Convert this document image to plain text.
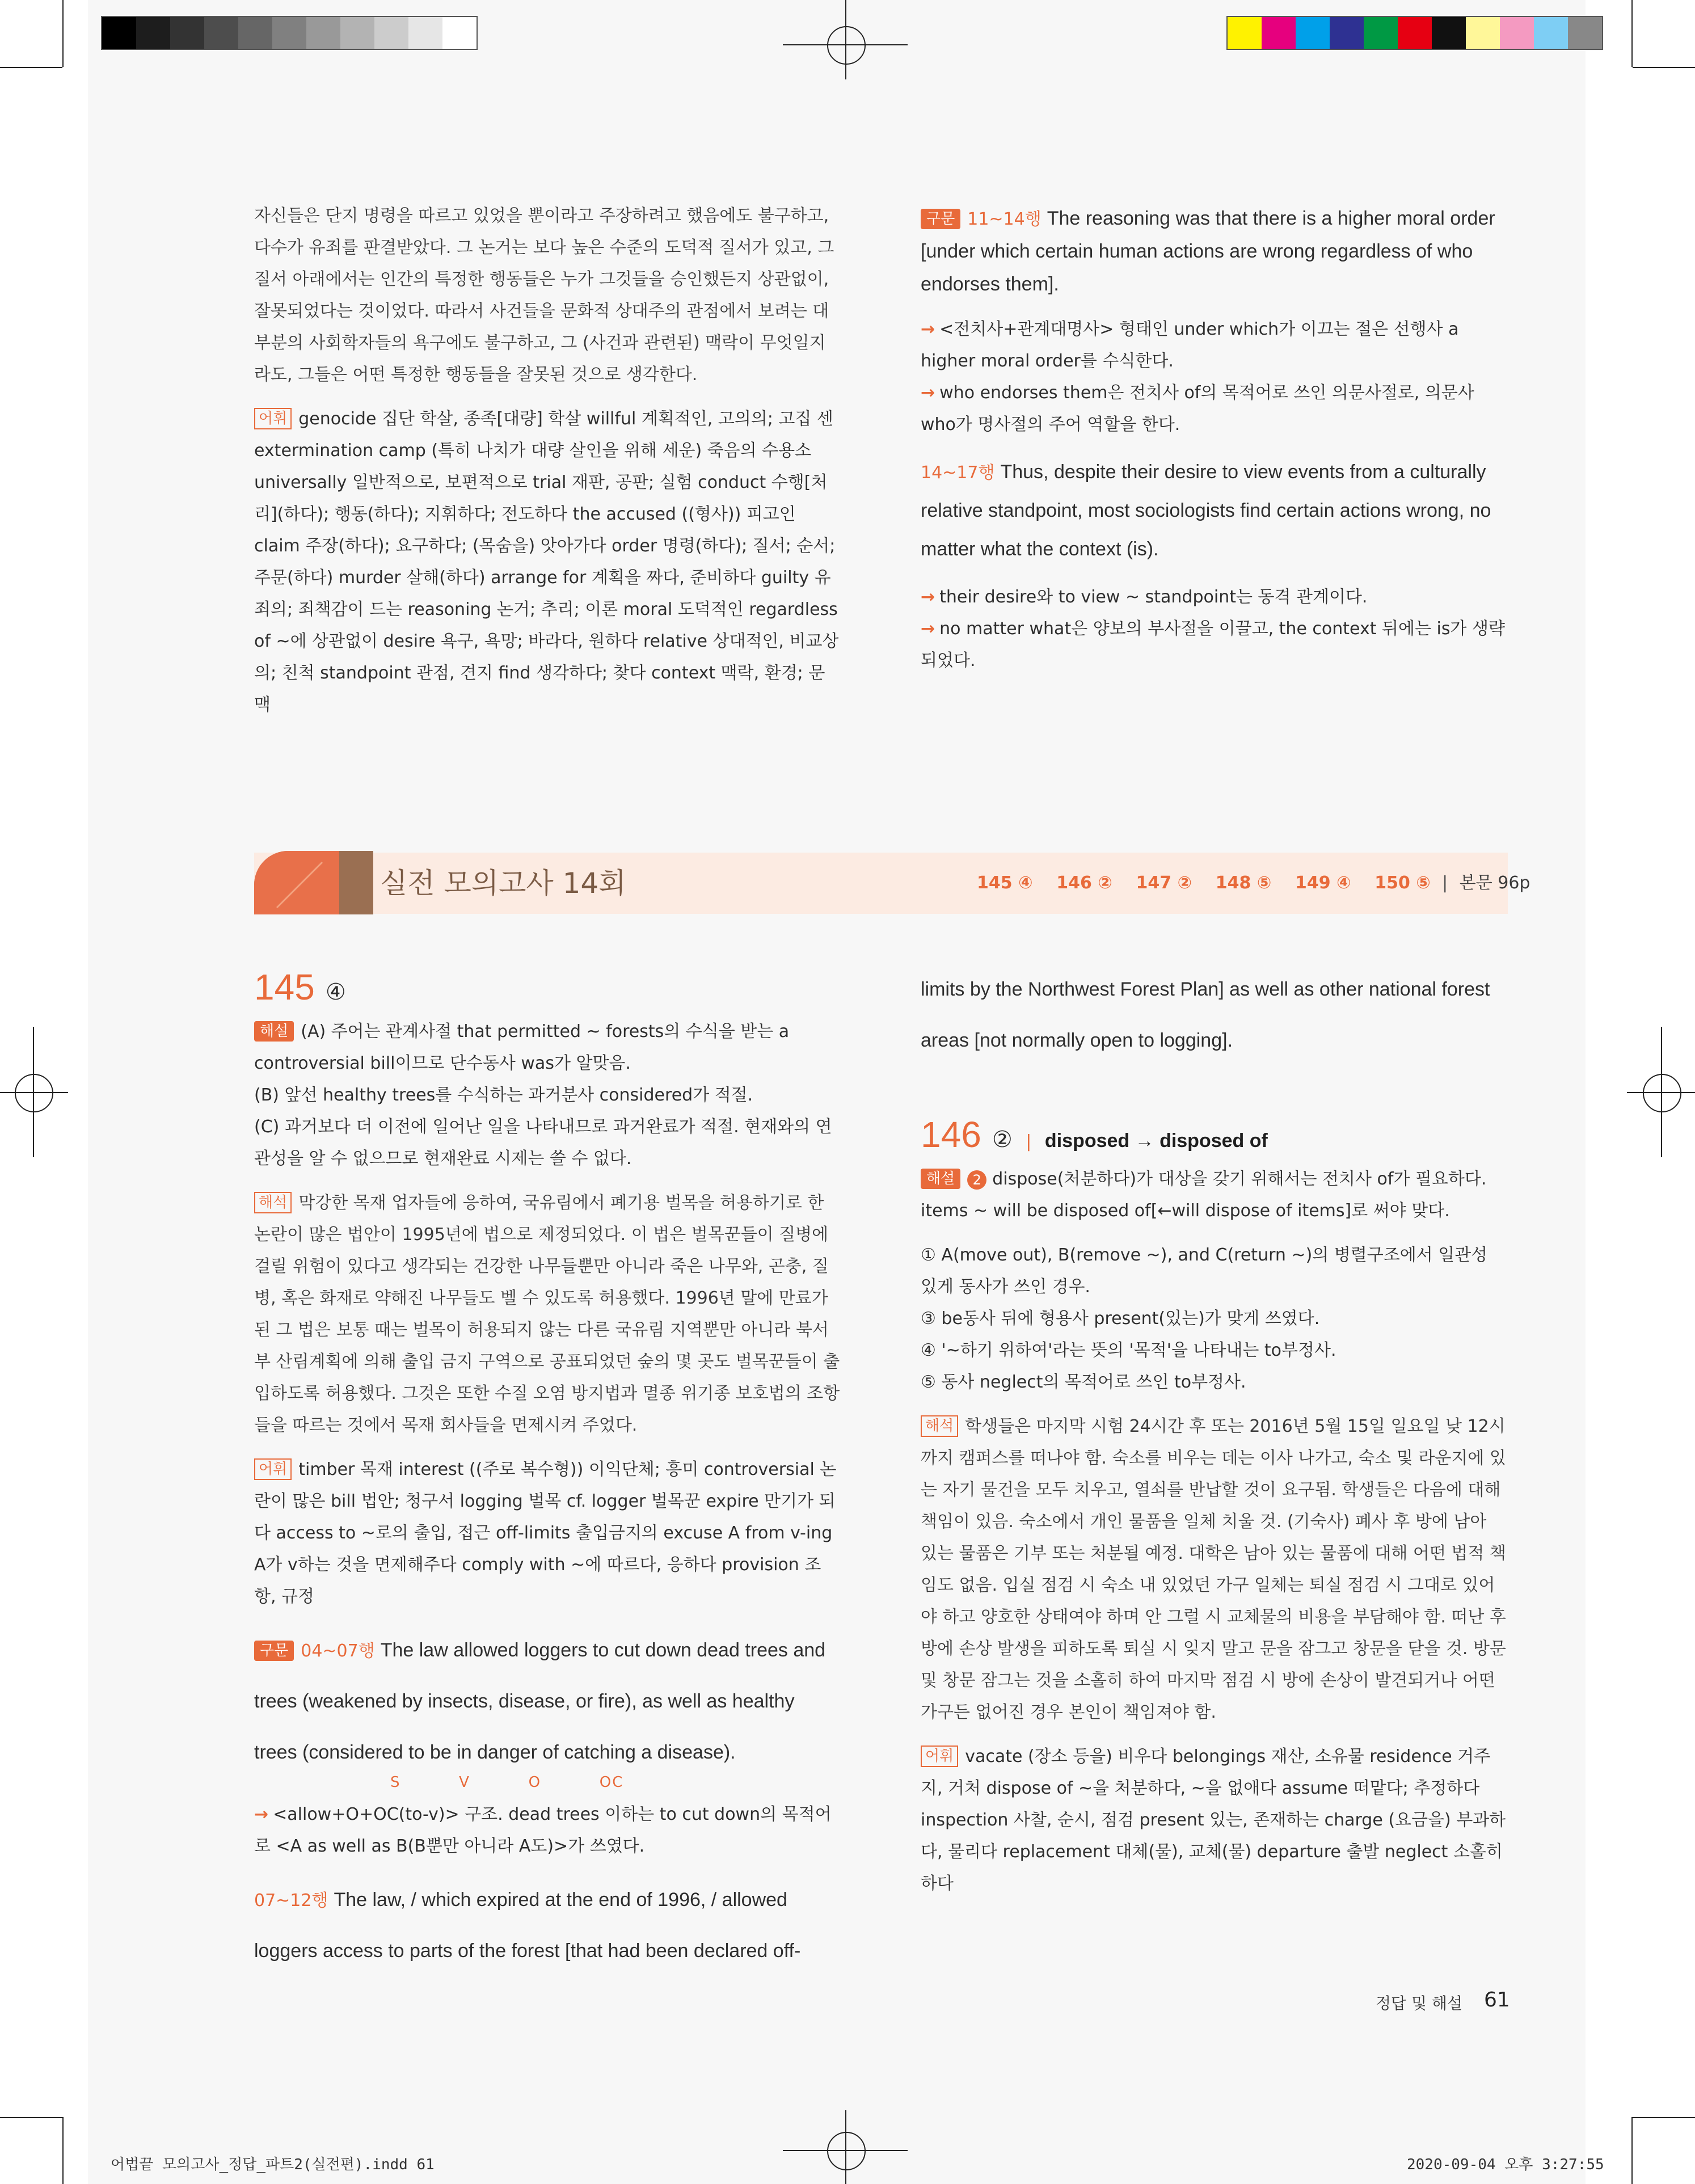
자신들은 단지 명령을 따르고 있었을 뿐이라고 주장하려고 했음에도 불구하고, 다수가 유죄를 판결받았다. 그 논거는 보다 높은 수준의 도덕적 질서가 있고, 그 질서 아래에서는 인간의 특정한 행동들은 누가 그것들을 승인했든지 상관없이, 잘못되었다는 것이었다. 따라서 사건들을 문화적 상대주의 관점에서 보려는 대부분의 사회학자들의 욕구에도 불구하고, 그 (사건과 관련된) 맥락이 무엇일지라도, 그들은 어떤 특정한 행동들을 잘못된 것으로 생각한다.

어휘 genocide 집단 학살, 종족[대량] 학살 willful 계획적인, 고의의; 고집 센 extermination camp (특히 나치가 대량 살인을 위해 세운) 죽음의 수용소 universally 일반적으로, 보편적으로 trial 재판, 공판; 실험 conduct 수행[처리](하다); 행동(하다); 지휘하다; 전도하다 the accused ((형사)) 피고인 claim 주장(하다); 요구하다; (목숨을) 앗아가다 order 명령(하다); 질서; 순서; 주문(하다) murder 살해(하다) arrange for 계획을 짜다, 준비하다 guilty 유죄의; 죄책감이 드는 reasoning 논거; 추리; 이론 moral 도덕적인 regardless of ~에 상관없이 desire 욕구, 욕망; 바라다, 원하다 relative 상대적인, 비교상의; 친척 standpoint 관점, 견지 find 생각하다; 찾다 context 맥락, 환경; 문맥

구문 11~14행 The reasoning was that there is a higher moral order [under which certain human actions are wrong regardless of who endorses them].

→ <전치사+관계대명사> 형태인 under which가 이끄는 절은 선행사 a higher moral order를 수식한다.

→ who endorses them은 전치사 of의 목적어로 쓰인 의문사절로, 의문사 who가 명사절의 주어 역할을 한다.

14~17행 Thus, despite their desire to view events from a culturally relative standpoint, most sociologists find certain actions wrong, no matter what the context (is).

→ their desire와 to view ~ standpoint는 동격 관계이다.

→ no matter what은 양보의 부사절을 이끌고, the context 뒤에는 is가 생략되었다.

실전 모의고사 14회	145 ④ 146 ② 147 ② 148 ⑤ 149 ④ 150 ⑤ | 본문 96p

145 ④

해설 (A) 주어는 관계사절 that permitted ~ forests의 수식을 받는 a controversial bill이므로 단수동사 was가 알맞음.

(B) 앞선 healthy trees를 수식하는 과거분사 considered가 적절.

(C) 과거보다 더 이전에 일어난 일을 나타내므로 과거완료가 적절. 현재와의 연관성을 알 수 없으므로 현재완료 시제는 쓸 수 없다.

해석 막강한 목재 업자들에 응하여, 국유림에서 폐기용 벌목을 허용하기로 한 논란이 많은 법안이 1995년에 법으로 제정되었다. 이 법은 벌목꾼들이 질병에 걸릴 위험이 있다고 생각되는 건강한 나무들뿐만 아니라 죽은 나무와, 곤충, 질병, 혹은 화재로 약해진 나무들도 벨 수 있도록 허용했다. 1996년 말에 만료가 된 그 법은 보통 때는 벌목이 허용되지 않는 다른 국유림 지역뿐만 아니라 북서부 산림계획에 의해 출입 금지 구역으로 공표되었던 숲의 몇 곳도 벌목꾼들이 출입하도록 허용했다. 그것은 또한 수질 오염 방지법과 멸종 위기종 보호법의 조항들을 따르는 것에서 목재 회사들을 면제시켜 주었다.

어휘 timber 목재 interest ((주로 복수형)) 이익단체; 흥미 controversial 논란이 많은 bill 법안; 청구서 logging 벌목 cf. logger 벌목꾼 expire 만기가 되다 access to ~로의 출입, 접근 off-limits 출입금지의 excuse A from v-ing A가 v하는 것을 면제해주다 comply with ~에 따르다, 응하다 provision 조항, 규정

구문 04~07행 The law allowed loggers to cut down dead trees and trees (weakened by insects, disease, or fire), as well as healthy trees (considered to be in danger of catching a disease).

S	V	O	OC

→ <allow+O+OC(to-v)> 구조. dead trees 이하는 to cut down의 목적어로 <A as well as B(B뿐만 아니라 A도)>가 쓰였다.

07~12행 The law, / which expired at the end of 1996, / allowed loggers access to parts of the forest [that had been declared off-

limits by the Northwest Forest Plan] as well as other national forest areas [not normally open to logging].

146 ② | disposed → disposed of

해설 2 dispose(처분하다)가 대상을 갖기 위해서는 전치사 of가 필요하다. items ~ will be disposed of[←will dispose of items]로 써야 맞다.

① A(move out), B(remove ~), and C(return ~)의 병렬구조에서 일관성 있게 동사가 쓰인 경우.

③ be동사 뒤에 형용사 present(있는)가 맞게 쓰였다.

④ '~하기 위하여'라는 뜻의 '목적'을 나타내는 to부정사.

⑤ 동사 neglect의 목적어로 쓰인 to부정사.

해석 학생들은 마지막 시험 24시간 후 또는 2016년 5월 15일 일요일 낮 12시까지 캠퍼스를 떠나야 함. 숙소를 비우는 데는 이사 나가고, 숙소 및 라운지에 있는 자기 물건을 모두 치우고, 열쇠를 반납할 것이 요구됨. 학생들은 다음에 대해 책임이 있음. 숙소에서 개인 물품을 일체 치울 것. (기숙사) 폐사 후 방에 남아 있는 물품은 기부 또는 처분될 예정. 대학은 남아 있는 물품에 대해 어떤 법적 책임도 없음. 입실 점검 시 숙소 내 있었던 가구 일체는 퇴실 점검 시 그대로 있어야 하고 양호한 상태여야 하며 안 그럴 시 교체물의 비용을 부담해야 함. 떠난 후 방에 손상 발생을 피하도록 퇴실 시 잊지 말고 문을 잠그고 창문을 닫을 것. 방문 및 창문 잠그는 것을 소홀히 하여 마지막 점검 시 방에 손상이 발견되거나 어떤 가구든 없어진 경우 본인이 책임져야 함.

어휘 vacate (장소 등을) 비우다 belongings 재산, 소유물 residence 거주지, 거처 dispose of ~을 처분하다, ~을 없애다 assume 떠맡다; 추정하다 inspection 사찰, 순시, 점검 present 있는, 존재하는 charge (요금을) 부과하다, 물리다 replacement 대체(물), 교체(물) departure 출발 neglect 소홀히 하다

정답 및 해설 61
어법끝 모의고사_정답_파트2(실전편).indd 61	2020-09-04 오후 3:27:55
